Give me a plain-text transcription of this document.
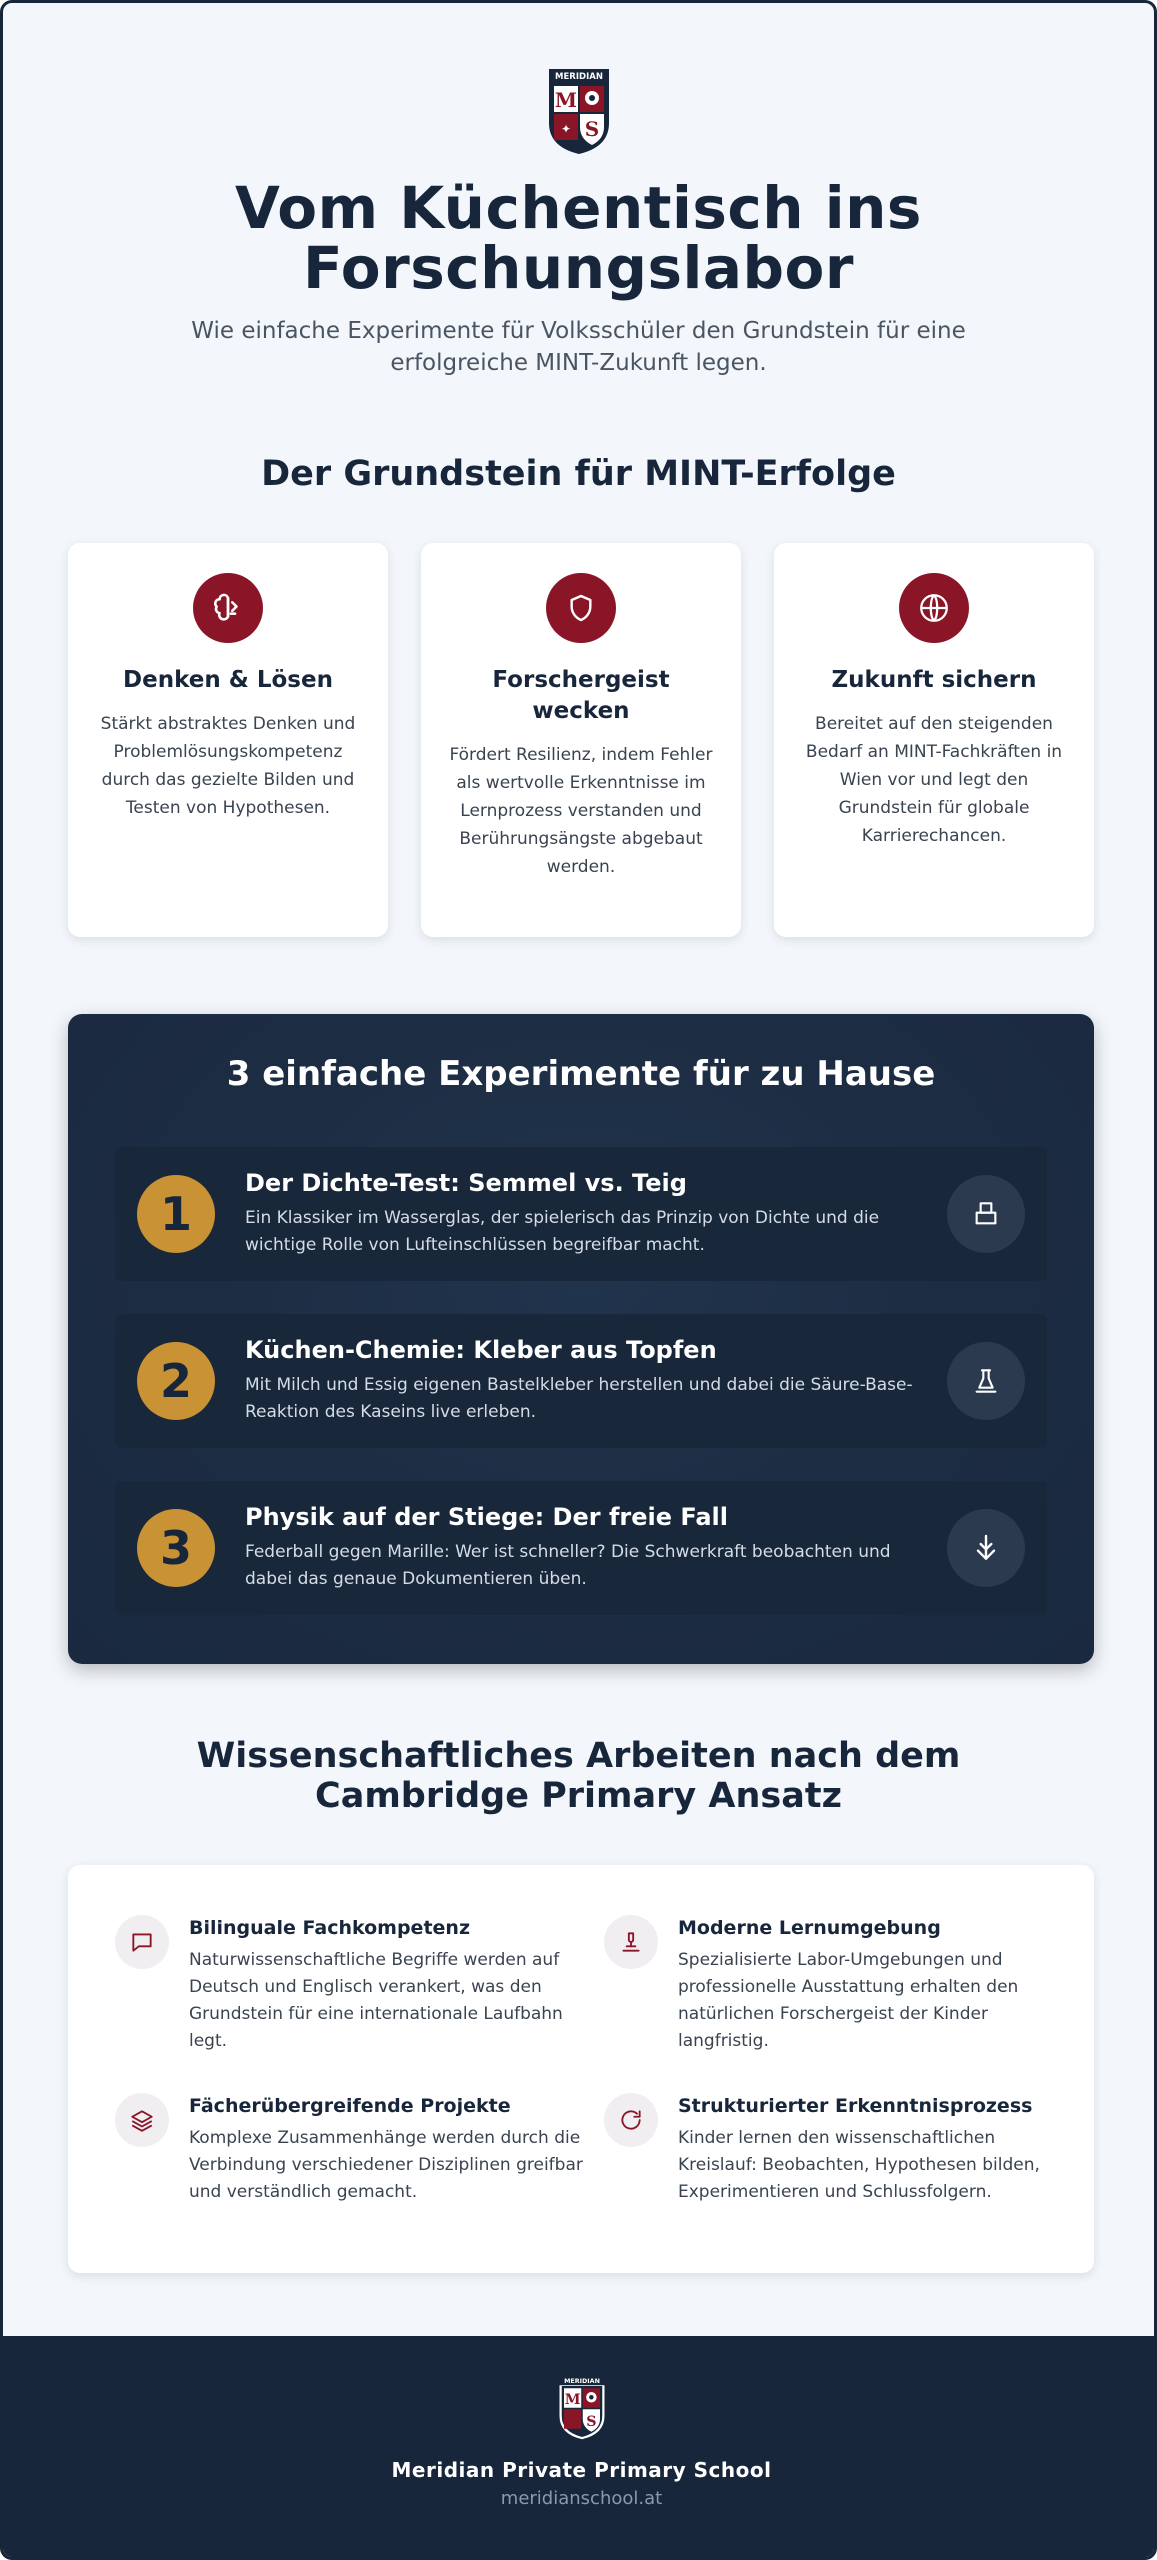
MERIDIAN
M
✦ S
Vom Küchentisch ins
Forschungslabor

Wie einfache Experimente für Volksschüler den Grundstein für eine erfolgreiche MINT-Zukunft legen.

Der Grundstein für MINT-Erfolge
Denken & Lösen
Stärkt abstraktes Denken und Problemlösungskompetenz durch das gezielte Bilden und Testen von Hypothesen.
Forschergeist wecken
Fördert Resilienz, indem Fehler als wertvolle Erkenntnisse im Lernprozess verstanden und Berührungsängste abgebaut werden.
Zukunft sichern
Bereitet auf den steigenden Bedarf an MINT-Fachkräften in Wien vor und legt den Grundstein für globale Karrierechancen.
3 einfache Experimente für zu Hause
1
Der Dichte-Test: Semmel vs. Teig
Ein Klassiker im Wasserglas, der spielerisch das Prinzip von Dichte und die wichtige Rolle von Lufteinschlüssen begreifbar macht.
2
Küchen-Chemie: Kleber aus Topfen
Mit Milch und Essig eigenen Bastelkleber herstellen und dabei die Säure-Base-Reaktion des Kaseins live erleben.
3
Physik auf der Stiege: Der freie Fall
Federball gegen Marille: Wer ist schneller? Die Schwerkraft beobachten und dabei das genaue Dokumentieren üben.
Wissenschaftliches Arbeiten nach dem
Cambridge Primary Ansatz
Bilinguale Fachkompetenz
Naturwissenschaftliche Begriffe werden auf Deutsch und Englisch verankert, was den Grundstein für eine internationale Laufbahn legt.
Moderne Lernumgebung
Spezialisierte Labor-Umgebungen und professionelle Ausstattung erhalten den natürlichen Forschergeist der Kinder langfristig.
Fächerübergreifende Projekte
Komplexe Zusammenhänge werden durch die Verbindung verschiedener Disziplinen greifbar und verständlich gemacht.
Strukturierter Erkenntnisprozess
Kinder lernen den wissenschaftlichen Kreislauf: Beobachten, Hypothesen bilden, Experimentieren und Schlussfolgern.
MERIDIAN
M
S
Meridian Private Primary School
meridianschool.at
